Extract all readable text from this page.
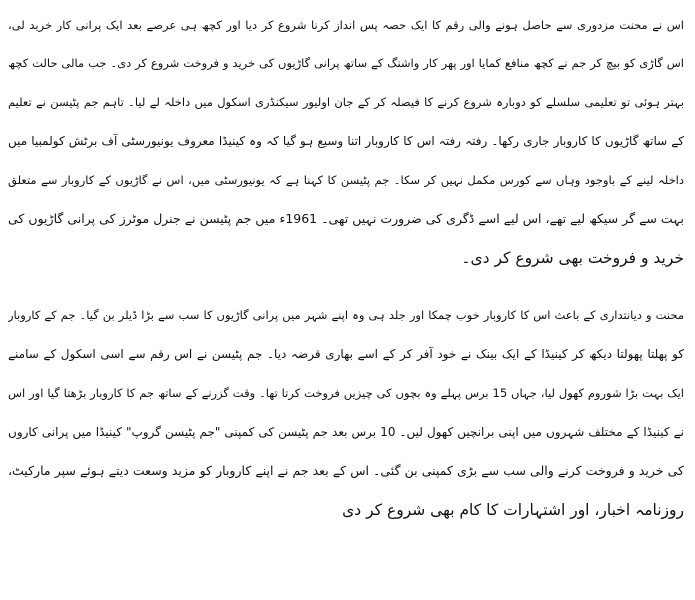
اس نے محنت مزدوری سے حاصل ہونے والی رقم کا ایک حصہ پس انداز کرنا شروع کر دیا اور کچھ ہی عرصے بعد ایک پرانی کار خرید لی،
اس گاڑی کو بیچ کر جم نے کچھ منافع کمایا اور پھر کار واشنگ کے ساتھ پرانی گاڑیوں کی خرید و فروخت شروع کر دی۔ جب مالی حالت کچھ
بہتر ہوئی تو تعلیمی سلسلے کو دوبارہ شروع کرنے کا فیصلہ کر کے جان اولیور سیکنڈری اسکول میں داخلہ لے لیا۔ تاہم جم پٹیسن نے تعلیم
کے ساتھ گاڑیوں کا کاروبار جاری رکھا۔ رفتہ رفتہ اس کا کاروبار اتنا وسیع ہو گیا کہ وہ کینیڈا معروف یونیورسٹی آف برٹش کولمبیا میں
داخلہ لینے کے باوجود وہاں سے کورس مکمل نہیں کر سکا۔ جم پٹیسن کا کہنا ہے کہ یونیورسٹی میں، اس نے گاڑیوں کے کاروبار سے متعلق
بہت سے گر سیکھ لیے تھے، اس لیے اسے ڈگری کی ضرورت نہیں تھی۔ 1961ء میں جم پٹیسن نے جنرل موٹرز کی پرانی گاڑیوں کی
خرید و فروخت بھی شروع کر دی۔
محنت و دیانتداری کے باعث اس کا کاروبار خوب چمکا اور جلد ہی وہ اپنے شہر میں پرانی گاڑیوں کا سب سے بڑا ڈیلر بن گیا۔ جم کے کاروبار
کو پھلتا پھولتا دیکھ کر کینیڈا کے ایک بینک نے خود آفر کر کے اسے بھاری قرضہ دیا۔ جم پٹیسن نے اس رقم سے اسی اسکول کے سامنے
ایک بہت بڑا شوروم کھول لیا، جہاں 15 برس پہلے وہ بچوں کی چیزیں فروخت کرتا تھا۔ وقت گزرنے کے ساتھ جم کا کاروبار بڑھتا گیا اور اس
نے کینیڈا کے مختلف شہروں میں اپنی برانچیں کھول لیں۔ 10 برس بعد جم پٹیسن کی کمپنی "جم پٹیسن گروپ" کینیڈا میں پرانی کاروں
کی خرید و فروخت کرنے والی سب سے بڑی کمپنی بن گئی۔ اس کے بعد جم نے اپنے کاروبار کو مزید وسعت دیتے ہوئے سپر مارکیٹ،
روزنامہ اخبار، اور اشتہارات کا کام بھی شروع کر دی
